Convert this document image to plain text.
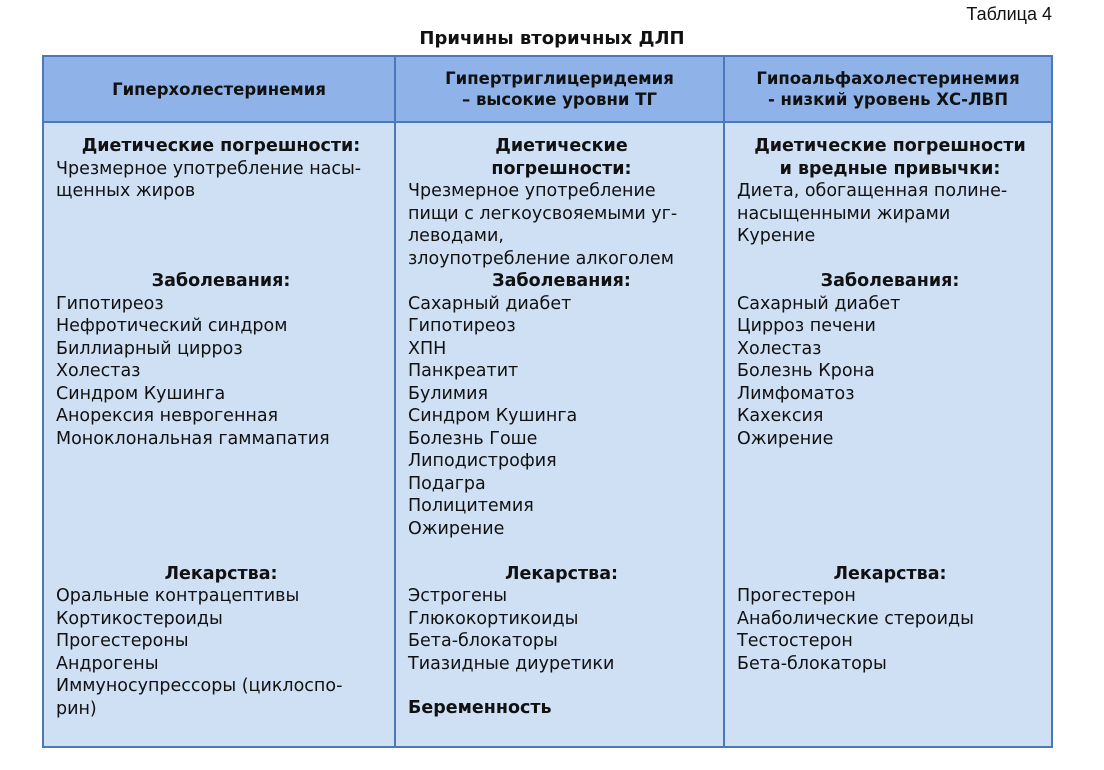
Таблица 4
Причины вторичных ДЛП
Гиперхолестеринемия
Гипертриглицеридемия
– высокие уровни ТГ
Гипоальфахолестеринемия
- низкий уровень ХС-ЛВП
Диетические погрешности:
Чрезмерное употребление насы-
щенных жиров
Заболевания:
Гипотиреоз
Нефротический синдром
Биллиарный цирроз
Холестаз
Синдром Кушинга
Анорексия неврогенная
Моноклональная гаммапатия
Лекарства:
Оральные контрацептивы
Кортикостероиды
Прогестероны
Андрогены
Иммуносупрессоры (циклоспо-
рин)
Диетические
погрешности:
Чрезмерное употребление
пищи с легкоусвояемыми уг-
леводами,
злоупотребление алкоголем
Заболевания:
Сахарный диабет
Гипотиреоз
ХПН
Панкреатит
Булимия
Синдром Кушинга
Болезнь Гоше
Липодистрофия
Подагра
Полицитемия
Ожирение
Лекарства:
Эстрогены
Глюкокортикоиды
Бета-блокаторы
Тиазидные диуретики
Беременность
Диетические погрешности
и вредные привычки:
Диета, обогащенная полине-
насыщенными жирами
Курение
Заболевания:
Сахарный диабет
Цирроз печени
Холестаз
Болезнь Крона
Лимфоматоз
Кахексия
Ожирение
Лекарства:
Прогестерон
Анаболические стероиды
Тестостерон
Бета-блокаторы
